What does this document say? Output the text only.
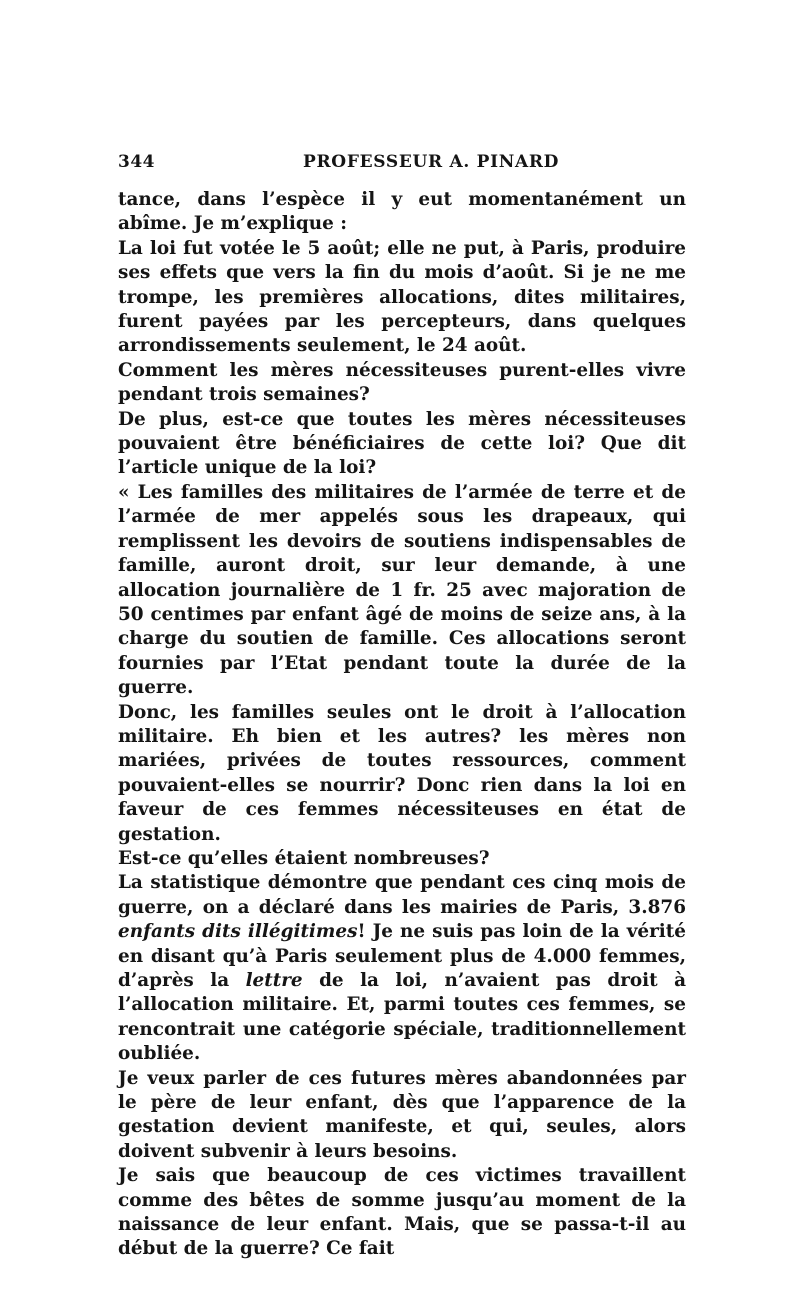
344	PROFESSEUR A. PINARD

tance, dans l’espèce il y eut momentanément un abîme. Je m’explique :

La loi fut votée le 5 août; elle ne put, à Paris, produire ses effets que vers la fin du mois d’août. Si je ne me trompe, les premières allocations, dites militaires, furent payées par les percepteurs, dans quelques arrondissements seulement, le 24 août.

Comment les mères nécessiteuses purent-elles vivre pendant trois semaines?

De plus, est-ce que toutes les mères nécessiteuses pouvaient être bénéficiaires de cette loi? Que dit l’article unique de la loi?

« Les familles des militaires de l’armée de terre et de l’armée de mer appelés sous les drapeaux, qui remplissent les devoirs de soutiens indispensables de famille, auront droit, sur leur demande, à une allocation journalière de 1 fr. 25 avec majoration de 50 centimes par enfant âgé de moins de seize ans, à la charge du soutien de famille. Ces allocations seront fournies par l’Etat pendant toute la durée de la guerre.

Donc, les familles seules ont le droit à l’allocation militaire. Eh bien et les autres? les mères non mariées, privées de toutes ressources, comment pouvaient-elles se nourrir? Donc rien dans la loi en faveur de ces femmes nécessiteuses en état de gestation.

Est-ce qu’elles étaient nombreuses?

La statistique démontre que pendant ces cinq mois de guerre, on a déclaré dans les mairies de Paris, 3.876 enfants dits illégitimes! Je ne suis pas loin de la vérité en disant qu’à Paris seulement plus de 4.000 femmes, d’après la lettre de la loi, n’avaient pas droit à l’allocation militaire. Et, parmi toutes ces femmes, se rencontrait une catégorie spéciale, traditionnellement oubliée.

Je veux parler de ces futures mères abandonnées par le père de leur enfant, dès que l’apparence de la gestation devient manifeste, et qui, seules, alors doivent subvenir à leurs besoins.

Je sais que beaucoup de ces victimes travaillent comme des bêtes de somme jusqu’au moment de la naissance de leur enfant. Mais, que se passa-t-il au début de la guerre? Ce fait
